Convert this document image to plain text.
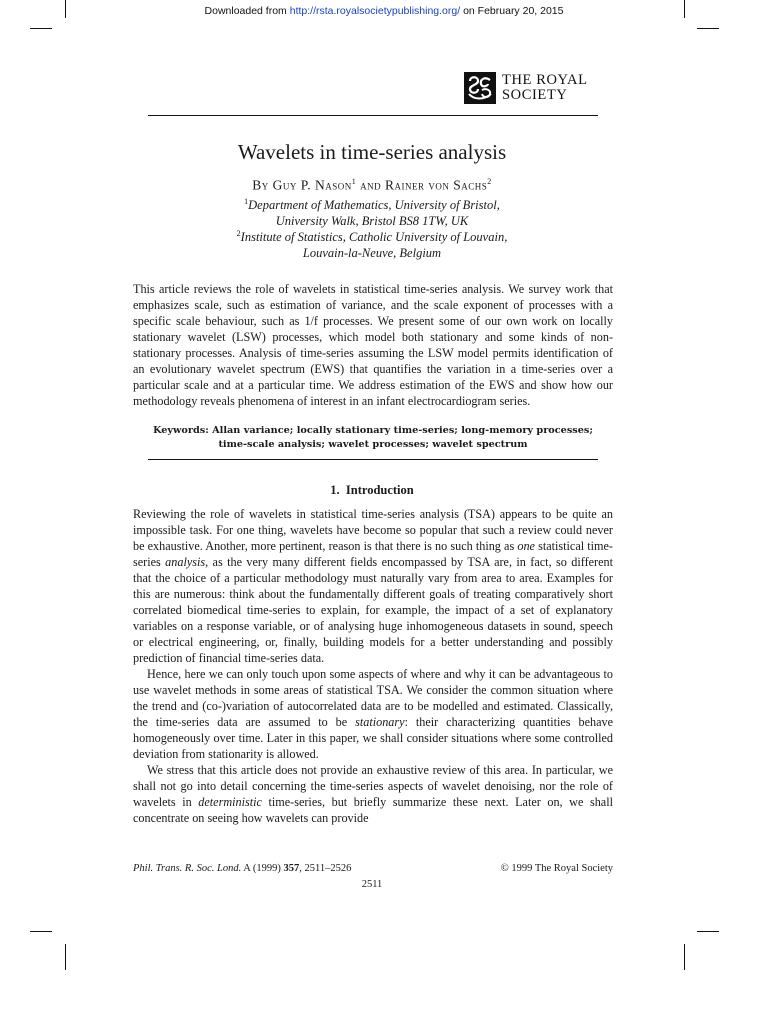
Downloaded from http://rsta.royalsocietypublishing.org/ on February 20, 2015
THE ROYAL
SOCIETY
Wavelets in time-series analysis
By Guy P. Nason$^1$ and Rainer von Sachs$^2$
$^1$Department of Mathematics, University of Bristol,
University Walk, Bristol BS8 1TW, UK
$^2$Institute of Statistics, Catholic University of Louvain,
Louvain-la-Neuve, Belgium

This article reviews the role of wavelets in statistical time-series analysis. We survey work that emphasizes scale, such as estimation of variance, and the scale exponent of processes with a specific scale behaviour, such as 1/f processes. We present some of our own work on locally stationary wavelet (LSW) processes, which model both stationary and some kinds of non-stationary processes. Analysis of time-series assuming the LSW model permits identification of an evolutionary wavelet spectrum (EWS) that quantifies the variation in a time-series over a particular scale and at a particular time. We address estimation of the EWS and show how our methodology reveals phenomena of interest in an infant electrocardiogram series.

Keywords: Allan variance; locally stationary time-series; long-memory processes;
time-scale analysis; wavelet processes; wavelet spectrum
1. Introduction

Reviewing the role of wavelets in statistical time-series analysis (TSA) appears to be quite an impossible task. For one thing, wavelets have become so popular that such a review could never be exhaustive. Another, more pertinent, reason is that there is no such thing as one statistical time-series analysis, as the very many different fields encompassed by TSA are, in fact, so different that the choice of a particular methodology must naturally vary from area to area. Examples for this are numerous: think about the fundamentally different goals of treating comparatively short correlated biomedical time-series to explain, for example, the impact of a set of explanatory variables on a response variable, or of analysing huge inhomogeneous datasets in sound, speech or electrical engineering, or, finally, building models for a better understanding and possibly prediction of financial time-series data.

Hence, here we can only touch upon some aspects of where and why it can be advantageous to use wavelet methods in some areas of statistical TSA. We consider the common situation where the trend and (co-)variation of autocorrelated data are to be modelled and estimated. Classically, the time-series data are assumed to be stationary: their characterizing quantities behave homogeneously over time. Later in this paper, we shall consider situations where some controlled deviation from stationarity is allowed.

We stress that this article does not provide an exhaustive review of this area. In particular, we shall not go into detail concerning the time-series aspects of wavelet denoising, nor the role of wavelets in deterministic time-series, but briefly summarize these next. Later on, we shall concentrate on seeing how wavelets can provide

Phil. Trans. R. Soc. Lond. A (1999) 357, 2511–2526	© 1999 The Royal Society
2511
